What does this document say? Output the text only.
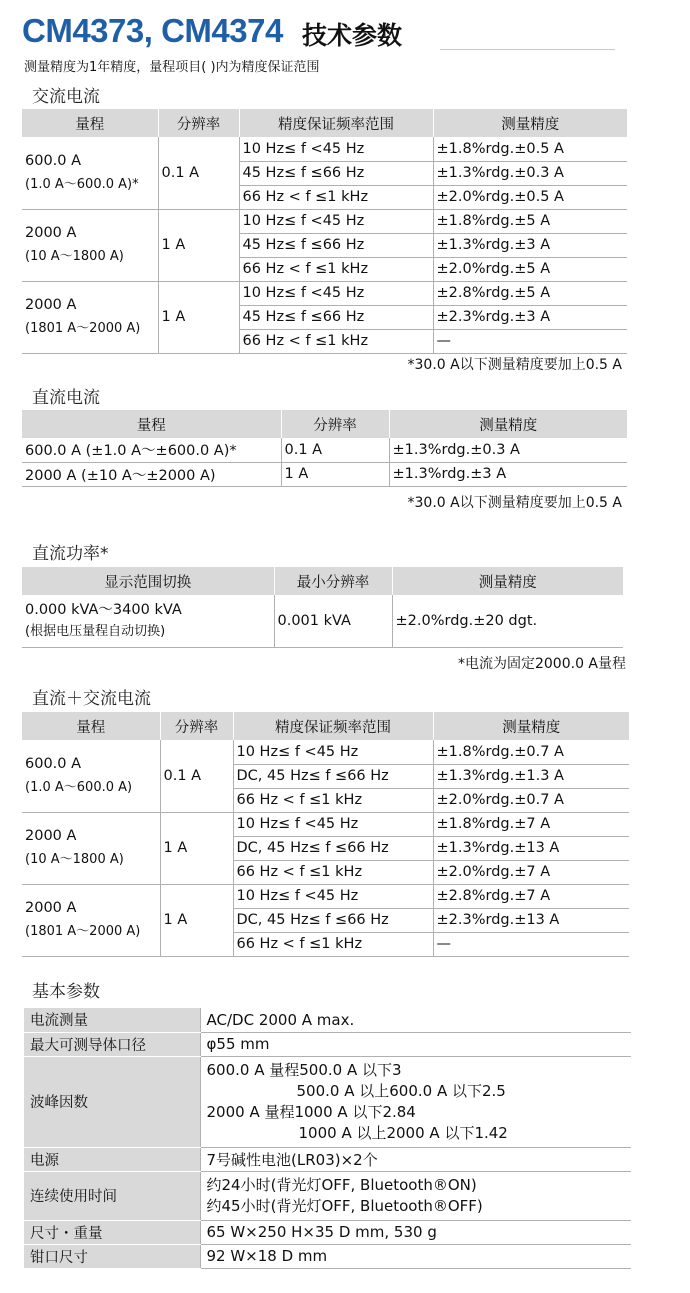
CM4373, CM4374 技术参数
测量精度为1年精度，量程项目( )内为精度保证范围
交流电流
量程	分辨率	精度保证频率范围	测量精度
600.0 A
(1.0 A～600.0 A)*	0.1 A	10 Hz≤ f <45 Hz	±1.8%rdg.±0.5 A
		45 Hz≤ f ≤66 Hz	±1.3%rdg.±0.3 A
		66 Hz < f ≤1 kHz	±2.0%rdg.±0.5 A
2000 A
(10 A～1800 A)	1 A	10 Hz≤ f <45 Hz	±1.8%rdg.±5 A
		45 Hz≤ f ≤66 Hz	±1.3%rdg.±3 A
		66 Hz < f ≤1 kHz	±2.0%rdg.±5 A
2000 A
(1801 A～2000 A)	1 A	10 Hz≤ f <45 Hz	±2.8%rdg.±5 A
		45 Hz≤ f ≤66 Hz	±2.3%rdg.±3 A
		66 Hz < f ≤1 kHz	—
*30.0 A以下测量精度要加上0.5 A
直流电流
量程	分辨率	测量精度
600.0 A (±1.0 A～±600.0 A)*	0.1 A	±1.3%rdg.±0.3 A
2000 A (±10 A～±2000 A)	1 A	±1.3%rdg.±3 A
*30.0 A以下测量精度要加上0.5 A
直流功率*
显示范围切换	最小分辨率	测量精度
0.000 kVA～3400 kVA
(根据电压量程自动切换)	0.001 kVA	±2.0%rdg.±20 dgt.
*电流为固定2000.0 A量程
直流＋交流电流
量程	分辨率	精度保证频率范围	测量精度
600.0 A
(1.0 A～600.0 A)	0.1 A	10 Hz≤ f <45 Hz	±1.8%rdg.±0.7 A
		DC, 45 Hz≤ f ≤66 Hz	±1.3%rdg.±1.3 A
		66 Hz < f ≤1 kHz	±2.0%rdg.±0.7 A
2000 A
(10 A～1800 A)	1 A	10 Hz≤ f <45 Hz	±1.8%rdg.±7 A
		DC, 45 Hz≤ f ≤66 Hz	±1.3%rdg.±13 A
		66 Hz < f ≤1 kHz	±2.0%rdg.±7 A
2000 A
(1801 A～2000 A)	1 A	10 Hz≤ f <45 Hz	±2.8%rdg.±7 A
		DC, 45 Hz≤ f ≤66 Hz	±2.3%rdg.±13 A
		66 Hz < f ≤1 kHz	—
基本参数
电流测量	AC/DC 2000 A max.
最大可测导体口径	φ55 mm
波峰因数	600.0 A 量程500.0 A 以下3
500.0 A 以上600.0 A 以下2.5
2000 A 量程1000 A 以下2.84
1000 A 以上2000 A 以下1.42

电源	7号碱性电池(LR03)×2个
连续使用时间	约24小时(背光灯OFF, Bluetooth®ON)
约45小时(背光灯OFF, Bluetooth®OFF)

尺寸・重量	65 W×250 H×35 D mm, 530 g
钳口尺寸	92 W×18 D mm
